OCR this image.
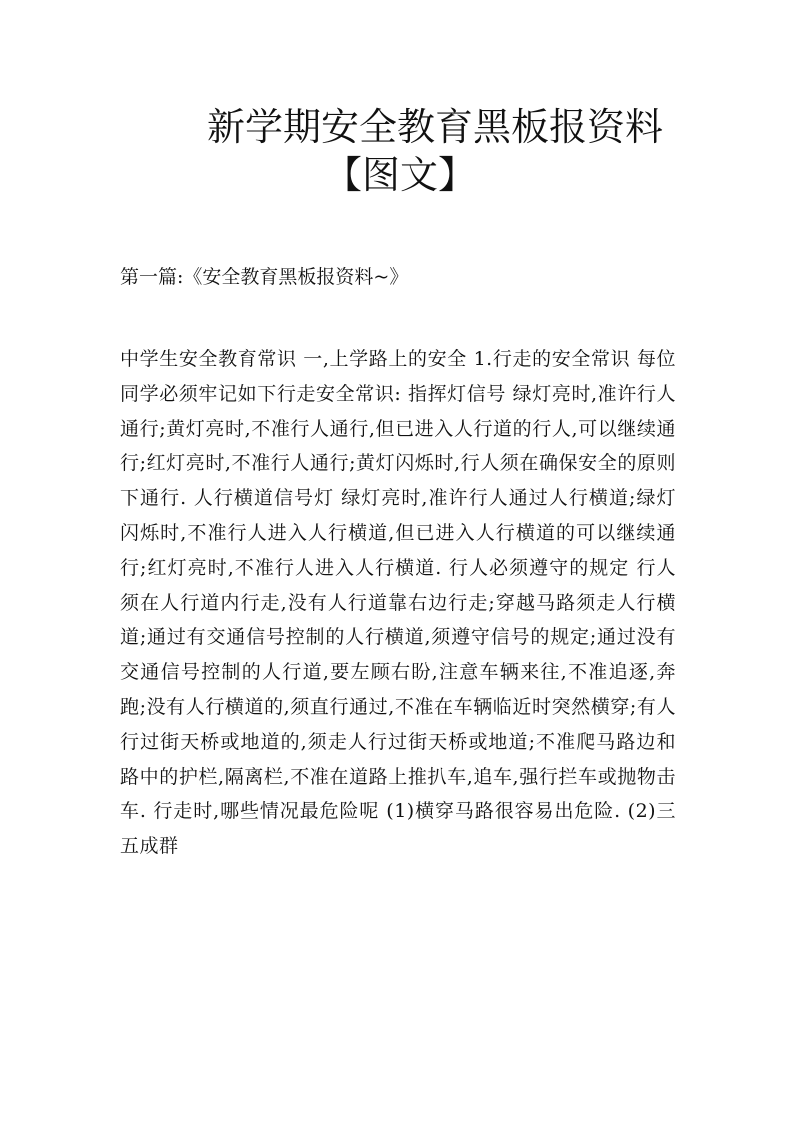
新学期安全教育黑板报资料
【图文】
第一篇:《安全教育黑板报资料~》

中学生安全教育常识 一,上学路上的安全 1.行走的安全常识 每位同学必须牢记如下行走安全常识: 指挥灯信号 绿灯亮时,准许行人通行;黄灯亮时,不准行人通行,但已进入人行道的行人,可以继续通行;红灯亮时,不准行人通行;黄灯闪烁时,行人须在确保安全的原则下通行. 人行横道信号灯 绿灯亮时,准许行人通过人行横道;绿灯闪烁时,不准行人进入人行横道,但已进入人行横道的可以继续通行;红灯亮时,不准行人进入人行横道. 行人必须遵守的规定 行人须在人行道内行走,没有人行道靠右边行走;穿越马路须走人行横道;通过有交通信号控制的人行横道,须遵守信号的规定;通过没有交通信号控制的人行道,要左顾右盼,注意车辆来往,不准追逐,奔跑;没有人行横道的,须直行通过,不准在车辆临近时突然横穿;有人行过街天桥或地道的,须走人行过街天桥或地道;不准爬马路边和路中的护栏,隔离栏,不准在道路上推扒车,追车,强行拦车或抛物击车. 行走时,哪些情况最危险呢 (1)横穿马路很容易出危险. (2)三五成群
